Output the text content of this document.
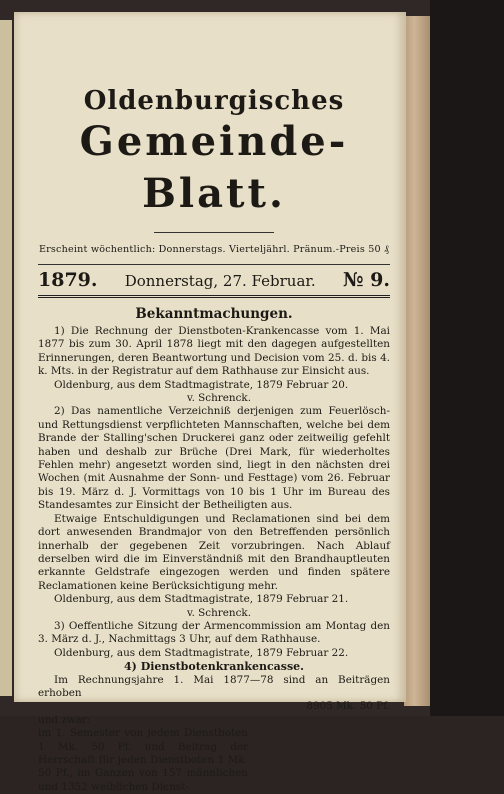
Oldenburgisches
Gemeinde-Blatt.
Erscheint wöchentlich: Donnerstags. Vierteljährl. Pränum.-Preis 50 ₰
1879. Donnerstag, 27. Februar. № 9.
Bekanntmachungen.

1) Die Rechnung der Dienstboten-Krankencasse vom 1. Mai 1877 bis zum 30. April 1878 liegt mit den dagegen aufgestellten Erinnerungen, deren Beantwortung und Decision vom 25. d. bis 4. k. Mts. in der Registratur auf dem Rathhause zur Einsicht aus.

Oldenburg, aus dem Stadtmagistrate, 1879 Februar 20.

v. Schrenck.

2) Das namentliche Verzeichniß derjenigen zum Feuerlösch- und Rettungsdienst verpflichteten Mannschaften, welche bei dem Brande der Stalling'schen Druckerei ganz oder zeitweilig gefehlt haben und deshalb zur Brüche (Drei Mark, für wiederholtes Fehlen mehr) angesetzt worden sind, liegt in den nächsten drei Wochen (mit Ausnahme der Sonn- und Festtage) vom 26. Februar bis 19. März d. J. Vormittags von 10 bis 1 Uhr im Bureau des Standesamtes zur Einsicht der Betheiligten aus.

Etwaige Entschuldigungen und Reclamationen sind bei dem dort anwesenden Brandmajor von den Betreffenden persönlich innerhalb der gegebenen Zeit vorzubringen. Nach Ablauf derselben wird die im Einverständniß mit den Brandhauptleuten erkannte Geldstrafe eingezogen werden und finden spätere Reclamationen keine Berücksichtigung mehr.

Oldenburg, aus dem Stadtmagistrate, 1879 Februar 21.

v. Schrenck.

3) Oeffentliche Sitzung der Armencommission am Montag den 3. März d. J., Nachmittags 3 Uhr, auf dem Rathhause.

Oldenburg, aus dem Stadtmagistrate, 1879 Februar 22.

4) Dienstbotenkrankencasse.

Im Rechnungsjahre 1. Mai 1877—78 sind an Beiträgen erhoben

8905 Mk. 50 Pf.

und zwar:

im 1. Semester von jedem Dienstboten 1 Mk. 50 Pf. und Beitrag der Herrschaft für jeden Dienstboten 1 Mk. 50 Pf., im Ganzen von 157 männlichen und 1352 weiblichen Dienst-
